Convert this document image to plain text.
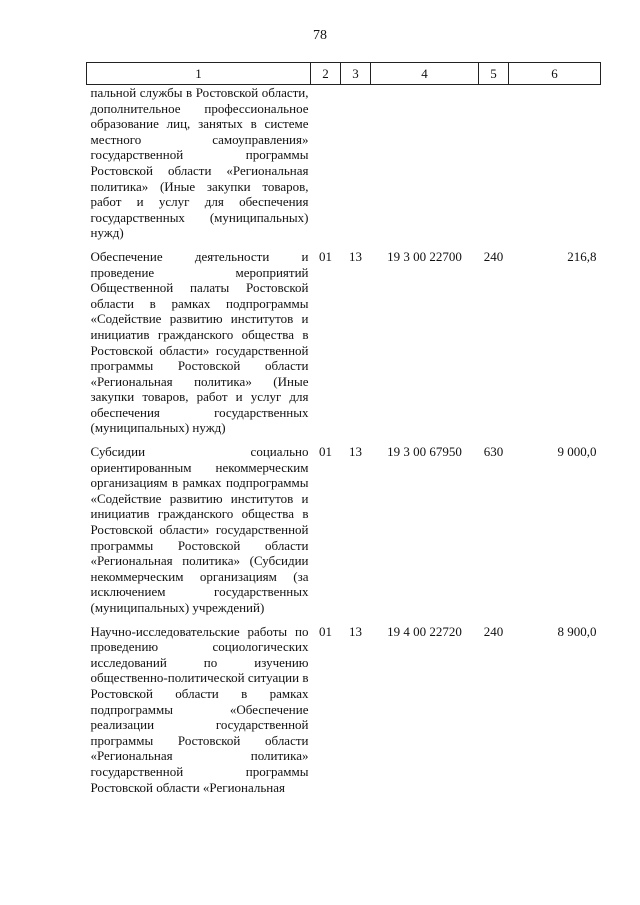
78
1	2	3	4	5	6
пальной службы в Ростовской области, дополнительное профессиональное образование лиц, занятых в системе местного самоуправления» государственной программы Ростовской области «Региональная политика» (Иные закупки товаров, работ и услуг для обеспечения государственных (муниципальных) нужд)					
Обеспечение деятельности и проведение мероприятий Общественной палаты Ростовской области в рамках подпрограммы «Содействие развитию институтов и инициатив гражданского общества в Ростовской области» государственной программы Ростовской области «Региональная политика» (Иные закупки товаров, работ и услуг для обеспечения государственных (муниципальных) нужд)	01	13	19 3 00 22700	240	216,8
Субсидии социально ориентированным некоммерческим организациям в рамках подпрограммы «Содействие развитию институтов и инициатив гражданского общества в Ростовской области» государственной программы Ростовской области «Региональная политика» (Субсидии некоммерческим организациям (за исключением государственных (муниципальных) учреждений)	01	13	19 3 00 67950	630	9 000,0
Научно-исследовательские работы по проведению социологических исследований по изучению общественно-политической ситуации в Ростовской области в рамках подпрограммы «Обеспечение реализации государственной программы Ростовской области «Региональная политика» государственной программы Ростовской области «Региональная	01	13	19 4 00 22720	240	8 900,0
